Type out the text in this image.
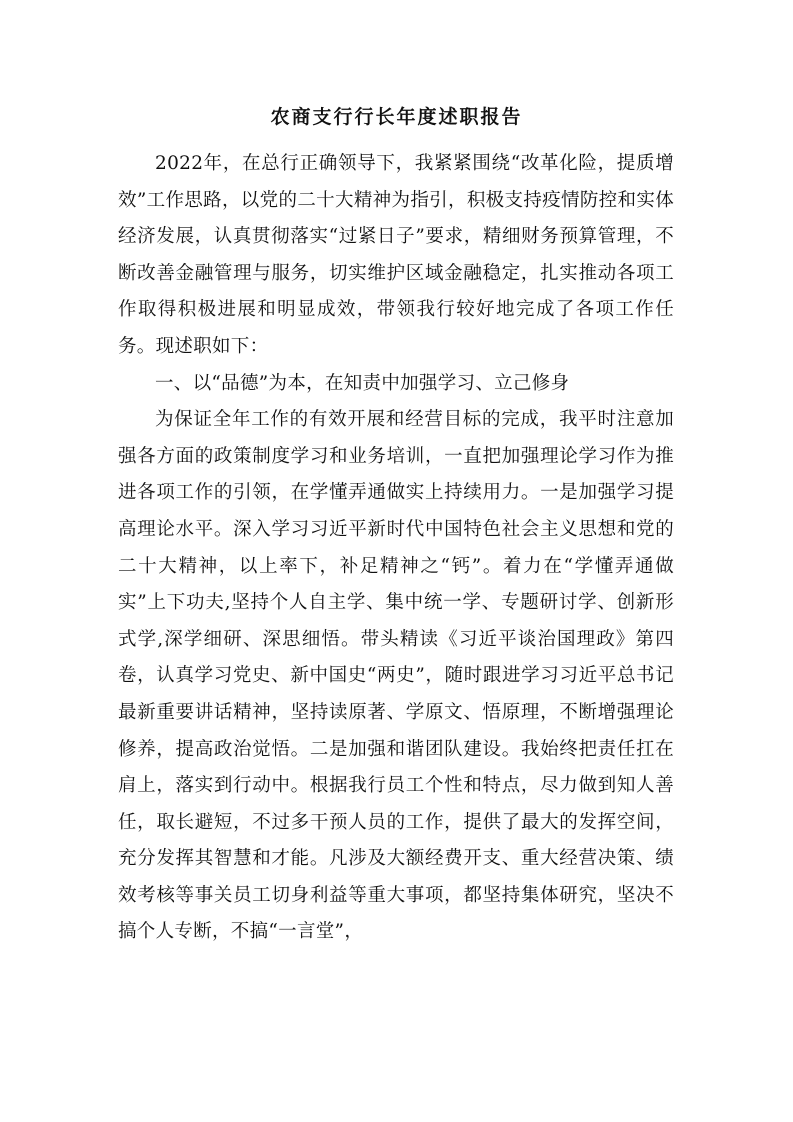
农商支行行长年度述职报告

2022年，在总行正确领导下，我紧紧围绕“改革化险，提质增效”工作思路，以党的二十大精神为指引，积极支持疫情防控和实体经济发展，认真贯彻落实“过紧日子”要求，精细财务预算管理，不断改善金融管理与服务，切实维护区域金融稳定，扎实推动各项工作取得积极进展和明显成效，带领我行较好地完成了各项工作任务。现述职如下：

一、以“品德”为本，在知责中加强学习、立己修身

为保证全年工作的有效开展和经营目标的完成，我平时注意加强各方面的政策制度学习和业务培训，一直把加强理论学习作为推进各项工作的引领，在学懂弄通做实上持续用力。一是加强学习提高理论水平。深入学习习近平新时代中国特色社会主义思想和党的二十大精神，以上率下，补足精神之“钙”。着力在“学懂弄通做实”上下功夫,坚持个人自主学、集中统一学、专题研讨学、创新形式学,深学细研、深思细悟。带头精读《习近平谈治国理政》第四卷，认真学习党史、新中国史“两史”，随时跟进学习习近平总书记最新重要讲话精神，坚持读原著、学原文、悟原理，不断增强理论修养，提高政治觉悟。二是加强和谐团队建设。我始终把责任扛在肩上，落实到行动中。根据我行员工个性和特点，尽力做到知人善任，取长避短，不过多干预人员的工作，提供了最大的发挥空间，充分发挥其智慧和才能。凡涉及大额经费开支、重大经营决策、绩效考核等事关员工切身利益等重大事项，都坚持集体研究，坚决不搞个人专断，不搞“一言堂”，
